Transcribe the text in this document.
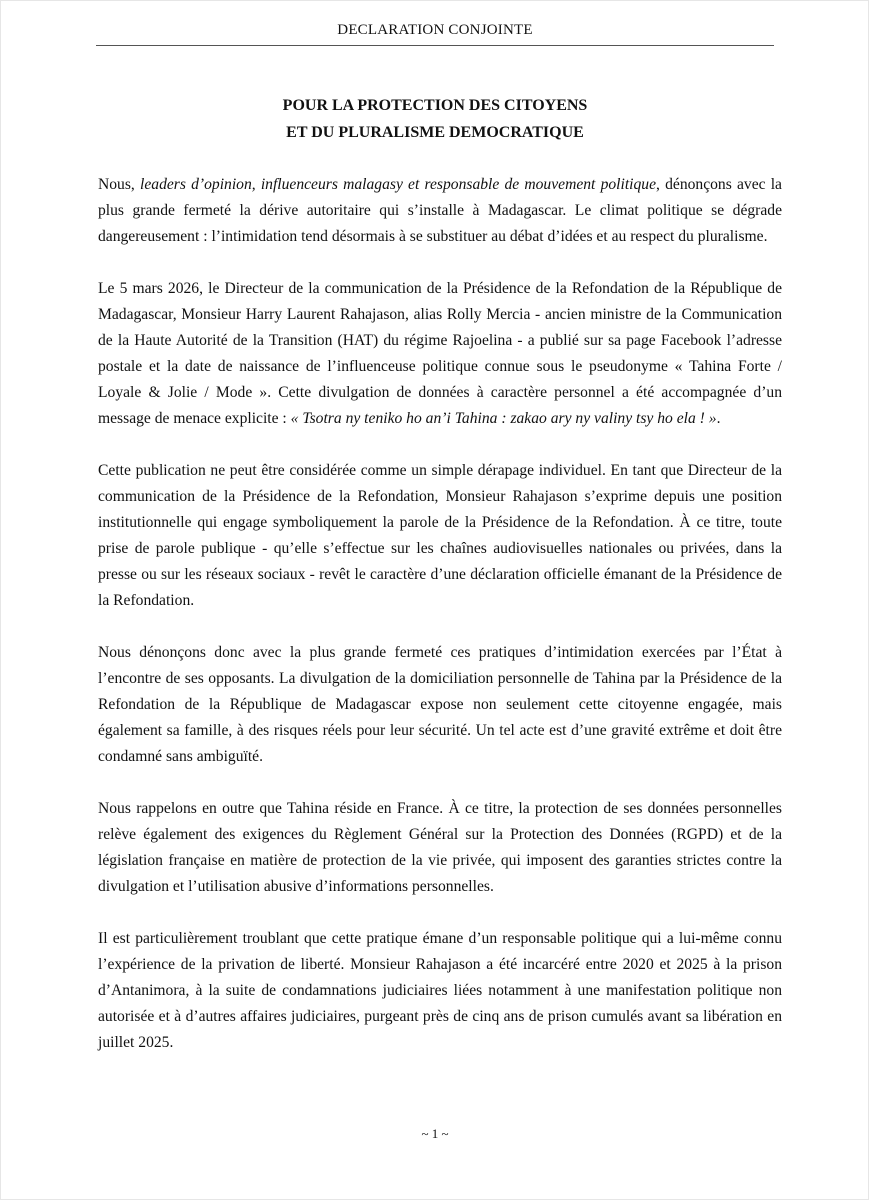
DECLARATION CONJOINTE
POUR LA PROTECTION DES CITOYENS
ET DU PLURALISME DEMOCRATIQUE

Nous, leaders d’opinion, influenceurs malagasy et responsable de mouvement politique, dénonçons avec la plus grande fermeté la dérive autoritaire qui s’installe à Madagascar. Le climat politique se dégrade dangereusement : l’intimidation tend désormais à se substituer au débat d’idées et au respect du pluralisme.

Le 5 mars 2026, le Directeur de la communication de la Présidence de la Refondation de la République de Madagascar, Monsieur Harry Laurent Rahajason, alias Rolly Mercia - ancien ministre de la Communication de la Haute Autorité de la Transition (HAT) du régime Rajoelina - a publié sur sa page Facebook l’adresse postale et la date de naissance de l’influenceuse politique connue sous le pseudonyme « Tahina Forte / Loyale & Jolie / Mode ». Cette divulgation de données à caractère personnel a été accompagnée d’un message de menace explicite : « Tsotra ny teniko ho an’i Tahina : zakao ary ny valiny tsy ho ela ! ».

Cette publication ne peut être considérée comme un simple dérapage individuel. En tant que Directeur de la communication de la Présidence de la Refondation, Monsieur Rahajason s’exprime depuis une position institutionnelle qui engage symboliquement la parole de la Présidence de la Refondation. À ce titre, toute prise de parole publique - qu’elle s’effectue sur les chaînes audiovisuelles nationales ou privées, dans la presse ou sur les réseaux sociaux - revêt le caractère d’une déclaration officielle émanant de la Présidence de la Refondation.

Nous dénonçons donc avec la plus grande fermeté ces pratiques d’intimidation exercées par l’État à l’encontre de ses opposants. La divulgation de la domiciliation personnelle de Tahina par la Présidence de la Refondation de la République de Madagascar expose non seulement cette citoyenne engagée, mais également sa famille, à des risques réels pour leur sécurité. Un tel acte est d’une gravité extrême et doit être condamné sans ambiguïté.

Nous rappelons en outre que Tahina réside en France. À ce titre, la protection de ses données personnelles relève également des exigences du Règlement Général sur la Protection des Données (RGPD) et de la législation française en matière de protection de la vie privée, qui imposent des garanties strictes contre la divulgation et l’utilisation abusive d’informations personnelles.

Il est particulièrement troublant que cette pratique émane d’un responsable politique qui a lui-même connu l’expérience de la privation de liberté. Monsieur Rahajason a été incarcéré entre 2020 et 2025 à la prison d’Antanimora, à la suite de condamnations judiciaires liées notamment à une manifestation politique non autorisée et à d’autres affaires judiciaires, purgeant près de cinq ans de prison cumulés avant sa libération en juillet 2025.

~ 1 ~
